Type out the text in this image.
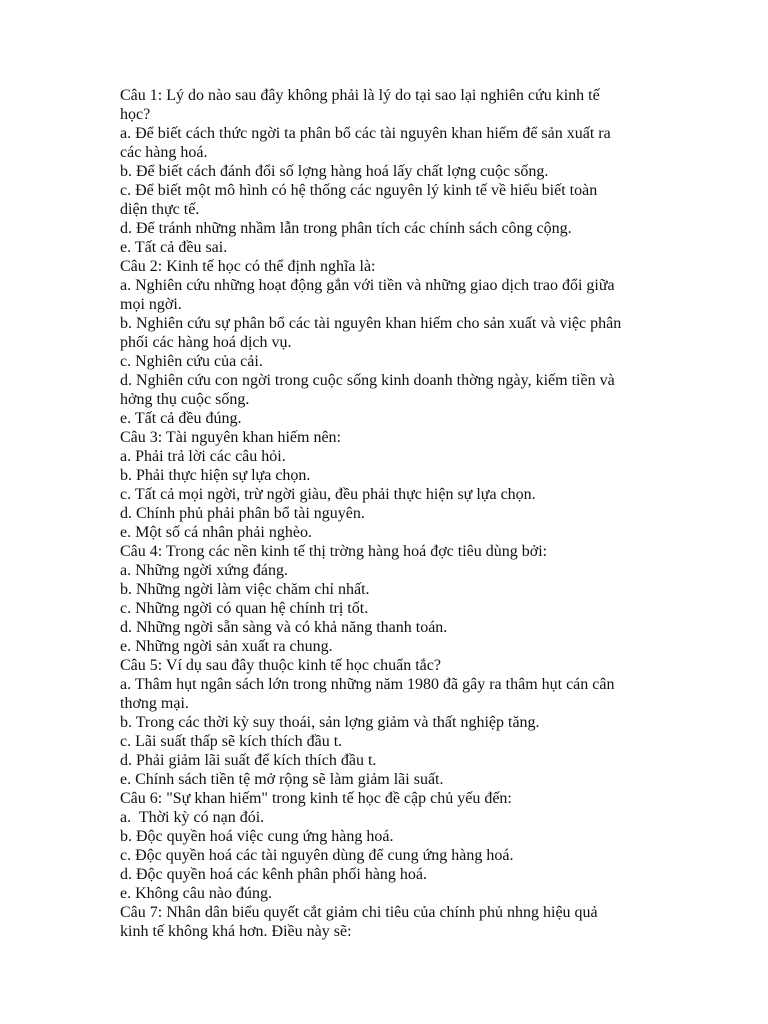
Câu 1: Lý do nào sau đây không phải là lý do tại sao lại nghiên cứu kinh tế
học?
a. Để biết cách thức ngời ta phân bổ các tài nguyên khan hiếm để sản xuất ra
các hàng hoá.
b. Để biết cách đánh đổi số lợng hàng hoá lấy chất lợng cuộc sống.
c. Để biết một mô hình có hệ thống các nguyên lý kinh tế về hiểu biết toàn
diện thực tế.
d. Để tránh những nhầm lẫn trong phân tích các chính sách công cộng.
e. Tất cả đều sai.
Câu 2: Kinh tế học có thể định nghĩa là:
a. Nghiên cứu những hoạt động gắn với tiền và những giao dịch trao đổi giữa
mọi ngời.
b. Nghiên cứu sự phân bổ các tài nguyên khan hiếm cho sản xuất và việc phân
phối các hàng hoá dịch vụ.
c. Nghiên cứu của cải.
d. Nghiên cứu con ngời trong cuộc sống kinh doanh thờng ngày, kiếm tiền và
hởng thụ cuộc sống.
e. Tất cả đều đúng.
Câu 3: Tài nguyên khan hiếm nên:
a. Phải trả lời các câu hỏi.
b. Phải thực hiện sự lựa chọn.
c. Tất cả mọi ngời, trừ ngời giàu, đều phải thực hiện sự lựa chọn.
d. Chính phủ phải phân bổ tài nguyên.
e. Một số cá nhân phải nghèo.
Câu 4: Trong các nền kinh tế thị trờng hàng hoá đợc tiêu dùng bởi:
a. Những ngời xứng đáng.
b. Những ngời làm việc chăm chỉ nhất.
c. Những ngời có quan hệ chính trị tốt.
d. Những ngời sẵn sàng và có khả năng thanh toán.
e. Những ngời sản xuất ra chung.
Câu 5: Ví dụ sau đây thuộc kinh tế học chuẩn tắc?
a. Thâm hụt ngân sách lớn trong những năm 1980 đã gây ra thâm hụt cán cân
thơng mại.
b. Trong các thời kỳ suy thoái, sản lợng giảm và thất nghiệp tăng.
c. Lãi suất thấp sẽ kích thích đầu t.
d. Phải giảm lãi suất để kích thích đầu t.
e. Chính sách tiền tệ mở rộng sẽ làm giảm lãi suất.
Câu 6: "Sự khan hiếm" trong kinh tế học đề cập chủ yếu đến:
a.  Thời kỳ có nạn đói.
b. Độc quyền hoá việc cung ứng hàng hoá.
c. Độc quyền hoá các tài nguyên dùng để cung ứng hàng hoá.
d. Độc quyền hoá các kênh phân phối hàng hoá.
e. Không câu nào đúng.
Câu 7: Nhân dân biểu quyết cắt giảm chi tiêu của chính phủ nhng hiệu quả
kinh tế không khá hơn. Điều này sẽ:
